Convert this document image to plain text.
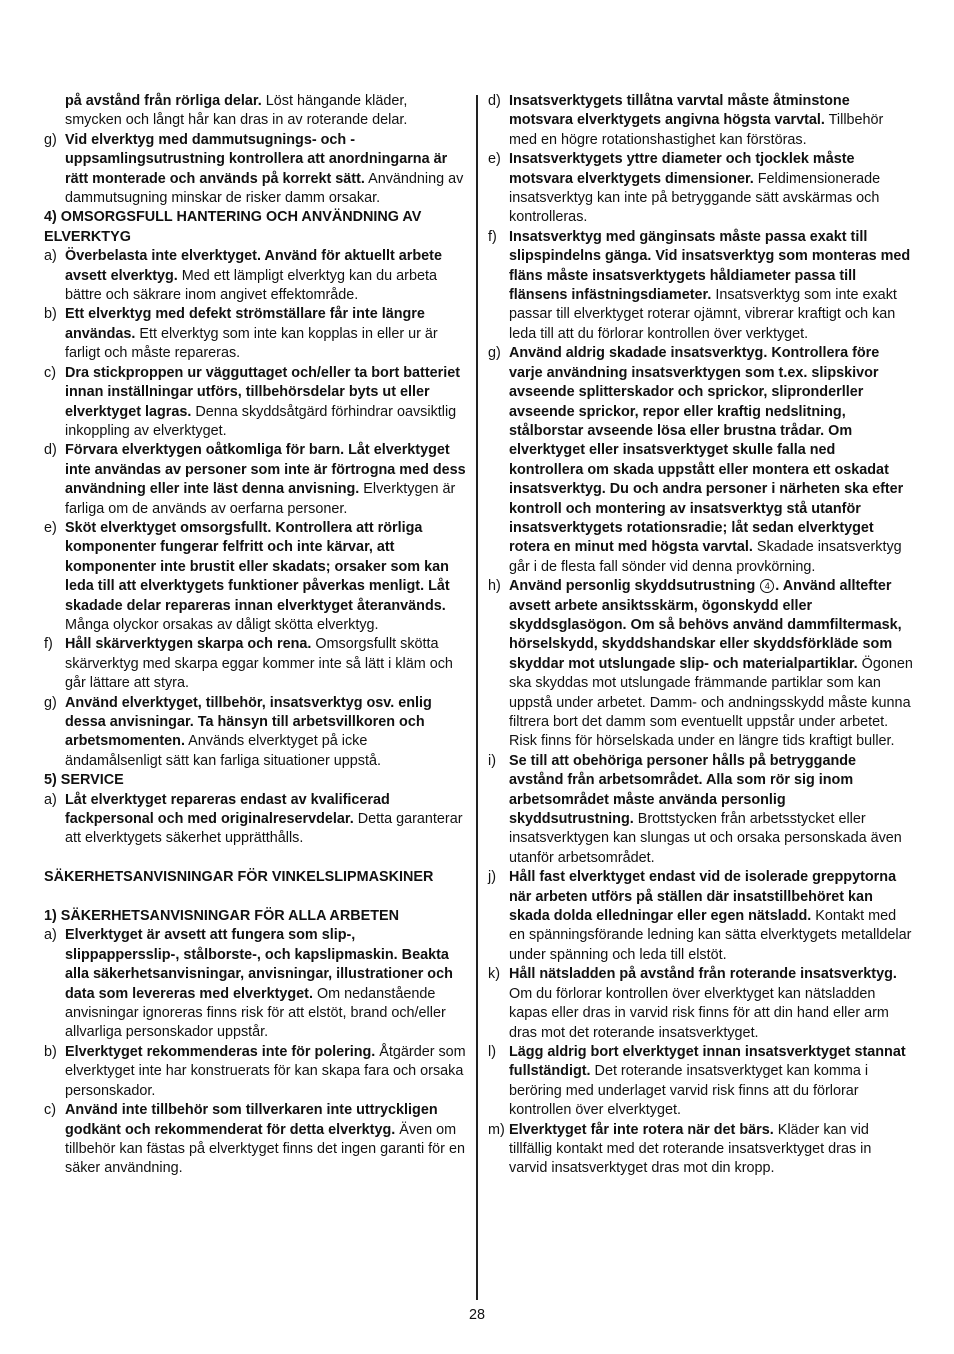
på avstånd från rörliga delar. Löst hängande kläder, smycken och långt hår kan dras in av roterande delar.
g) Vid elverktyg med dammutsugnings- och -uppsamlingsutrustning kontrollera att anordningarna är rätt monterade och används på korrekt sätt. Användning av dammutsugning minskar de risker damm orsakar.
4) OMSORGSFULL HANTERING OCH ANVÄNDNING AV ELVERKTYG
a) Överbelasta inte elverktyget. Använd för aktuellt arbete avsett elverktyg. Med ett lämpligt elverktyg kan du arbeta bättre och säkrare inom angivet effektområde.
b) Ett elverktyg med defekt strömställare får inte längre användas. Ett elverktyg som inte kan kopplas in eller ur är farligt och måste repareras.
c) Dra stickproppen ur vägguttaget och/eller ta bort batteriet innan inställningar utförs, tillbehörsdelar byts ut eller elverktyget lagras. Denna skyddsåtgärd förhindrar oavsiktlig inkoppling av elverktyget.
d) Förvara elverktygen oåtkomliga för barn. Låt elverktyget inte användas av personer som inte är förtrogna med dess användning eller inte läst denna anvisning. Elverktygen är farliga om de används av oerfarna personer.
e) Sköt elverktyget omsorgsfullt. Kontrollera att rörliga komponenter fungerar felfritt och inte kärvar, att komponenter inte brustit eller skadats; orsaker som kan leda till att elverktygets funktioner påverkas menligt. Låt skadade delar repareras innan elverktyget återanvänds. Många olyckor orsakas av dåligt skötta elverktyg.
f) Håll skärverktygen skarpa och rena. Omsorgsfullt skötta skärverktyg med skarpa eggar kommer inte så lätt i kläm och går lättare att styra.
g) Använd elverktyget, tillbehör, insatsverktyg osv. enlig dessa anvisningar. Ta hänsyn till arbetsvillkoren och arbetsmomenten. Används elverktyget på icke ändamålsenligt sätt kan farliga situationer uppstå.
5) SERVICE
a) Låt elverktyget repareras endast av kvalificerad fackpersonal och med originalreservdelar. Detta garanterar att elverktygets säkerhet upprätthålls.
SÄKERHETSANVISNINGAR FÖR VINKELSLIPMASKINER
1) SÄKERHETSANVISNINGAR FÖR ALLA ARBETEN
a) Elverktyget är avsett att fungera som slip-, slippappersslip-, stålborste-, och kapslipmaskin. Beakta alla säkerhetsanvisningar, anvisningar, illustrationer och data som levereras med elverktyget. Om nedanstående anvisningar ignoreras finns risk för att elstöt, brand och/eller allvarliga personskador uppstår.
b) Elverktyget rekommenderas inte för polering. Åtgärder som elverktyget inte har konstruerats för kan skapa fara och orsaka personskador.
c) Använd inte tillbehör som tillverkaren inte uttryckligen godkänt och rekommenderat för detta elverktyg. Även om tillbehör kan fästas på elverktyget finns det ingen garanti för en säker användning.
d) Insatsverktygets tillåtna varvtal måste åtminstone motsvara elverktygets angivna högsta varvtal. Tillbehör med en högre rotationshastighet kan förstöras.
e) Insatsverktygets yttre diameter och tjocklek måste motsvara elverktygets dimensioner. Feldimensionerade insatsverktyg kan inte på betryggande sätt avskärmas och kontrolleras.
f) Insatsverktyg med gänginsats måste passa exakt till slipspindelns gänga. Vid insatsverktyg som monteras med fläns måste insatsverktygets håldiameter passa till flänsens infästningsdiameter. Insatsverktyg som inte exakt passar till elverktyget roterar ojämnt, vibrerar kraftigt och kan leda till att du förlorar kontrollen över verktyget.
g) Använd aldrig skadade insatsverktyg. Kontrollera före varje användning insatsverktygen som t.ex. slipskivor avseende splitterskador och sprickor, slipronderller avseende sprickor, repor eller kraftig nedslitning, stålborstar avseende lösa eller brustna trådar. Om elverktyget eller insatsverktyget skulle falla ned kontrollera om skada uppstått eller montera ett oskadat insatsverktyg. Du och andra personer i närheten ska efter kontroll och montering av insatsverktyg stå utanför insatsverktygets rotationsradie; låt sedan elverktyget rotera en minut med högsta varvtal. Skadade insatsverktyg går i de flesta fall sönder vid denna provkörning.
h) Använd personlig skyddsutrustning 4 . Använd alltefter avsett arbete ansiktsskärm, ögonskydd eller skyddsglasögon. Om så behövs använd dammfiltermask, hörselskydd, skyddshandskar eller skyddsförkläde som skyddar mot utslungade slip- och materialpartiklar. Ögonen ska skyddas mot utslungade främmande partiklar som kan uppstå under arbetet. Damm- och andningsskydd måste kunna filtrera bort det damm som eventuellt uppstår under arbetet. Risk finns för hörselskada under en längre tids kraftigt buller.
i) Se till att obehöriga personer hålls på betryggande avstånd från arbetsområdet. Alla som rör sig inom arbetsområdet måste använda personlig skyddsutrustning. Brottstycken från arbetsstycket eller insatsverktygen kan slungas ut och orsaka personskada även utanför arbetsområdet.
j) Håll fast elverktyget endast vid de isolerade greppytorna när arbeten utförs på ställen där insatstillbehöret kan skada dolda elledningar eller egen nätsladd. Kontakt med en spänningsförande ledning kan sätta elverktygets metalldelar under spänning och leda till elstöt.
k) Håll nätsladden på avstånd från roterande insatsverktyg. Om du förlorar kontrollen över elverktyget kan nätsladden kapas eller dras in varvid risk finns för att din hand eller arm dras mot det roterande insatsverktyget.
l) Lägg aldrig bort elverktyget innan insatsverktyget stannat fullständigt. Det roterande insatsverktyget kan komma i beröring med underlaget varvid risk finns att du förlorar kontrollen över elverktyget.
m) Elverktyget får inte rotera när det bärs. Kläder kan vid tillfällig kontakt med det roterande insatsverktyget dras in varvid insatsverktyget dras mot din kropp.
28
